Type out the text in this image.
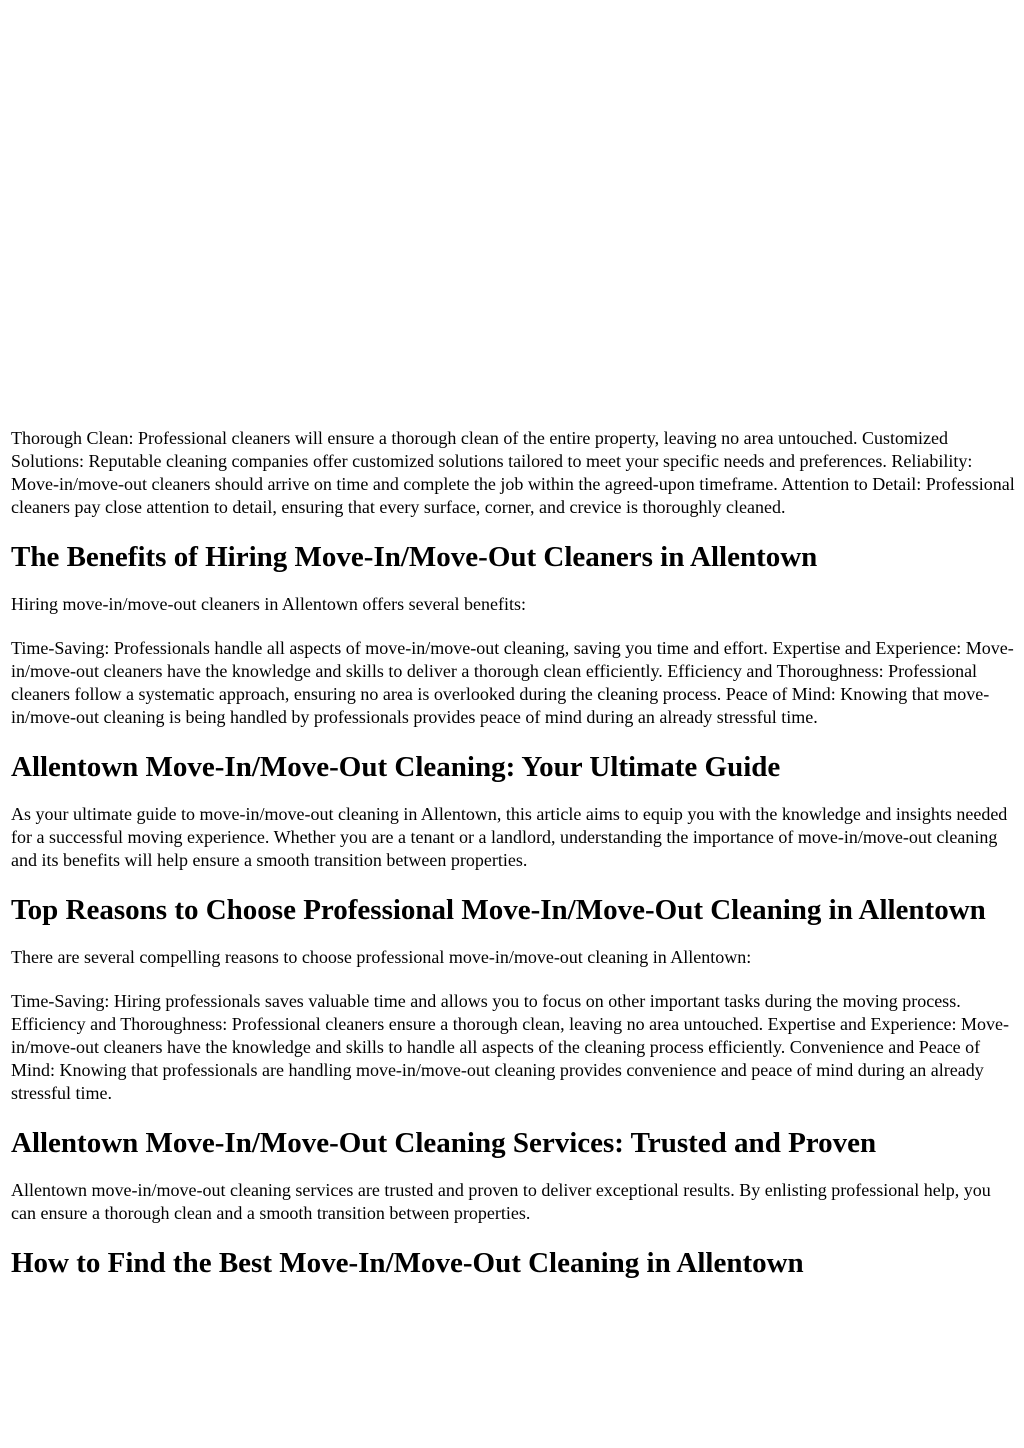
Thorough Clean: Professional cleaners will ensure a thorough clean of the entire property, leaving no area untouched. Customized Solutions: Reputable cleaning companies offer customized solutions tailored to meet your specific needs and preferences. Reliability: Move-in/move-out cleaners should arrive on time and complete the job within the agreed-upon timeframe. Attention to Detail: Professional cleaners pay close attention to detail, ensuring that every surface, corner, and crevice is thoroughly cleaned.

The Benefits of Hiring Move-In/Move-Out Cleaners in Allentown

Hiring move-in/move-out cleaners in Allentown offers several benefits:

Time-Saving: Professionals handle all aspects of move-in/move-out cleaning, saving you time and effort. Expertise and Experience: Move-in/move-out cleaners have the knowledge and skills to deliver a thorough clean efficiently. Efficiency and Thoroughness: Professional cleaners follow a systematic approach, ensuring no area is overlooked during the cleaning process. Peace of Mind: Knowing that move-in/move-out cleaning is being handled by professionals provides peace of mind during an already stressful time.

Allentown Move-In/Move-Out Cleaning: Your Ultimate Guide

As your ultimate guide to move-in/move-out cleaning in Allentown, this article aims to equip you with the knowledge and insights needed for a successful moving experience. Whether you are a tenant or a landlord, understanding the importance of move-in/move-out cleaning and its benefits will help ensure a smooth transition between properties.

Top Reasons to Choose Professional Move-In/Move-Out Cleaning in Allentown

There are several compelling reasons to choose professional move-in/move-out cleaning in Allentown:

Time-Saving: Hiring professionals saves valuable time and allows you to focus on other important tasks during the moving process. Efficiency and Thoroughness: Professional cleaners ensure a thorough clean, leaving no area untouched. Expertise and Experience: Move-in/move-out cleaners have the knowledge and skills to handle all aspects of the cleaning process efficiently. Convenience and Peace of Mind: Knowing that professionals are handling move-in/move-out cleaning provides convenience and peace of mind during an already stressful time.

Allentown Move-In/Move-Out Cleaning Services: Trusted and Proven

Allentown move-in/move-out cleaning services are trusted and proven to deliver exceptional results. By enlisting professional help, you can ensure a thorough clean and a smooth transition between properties.

How to Find the Best Move-In/Move-Out Cleaning in Allentown
